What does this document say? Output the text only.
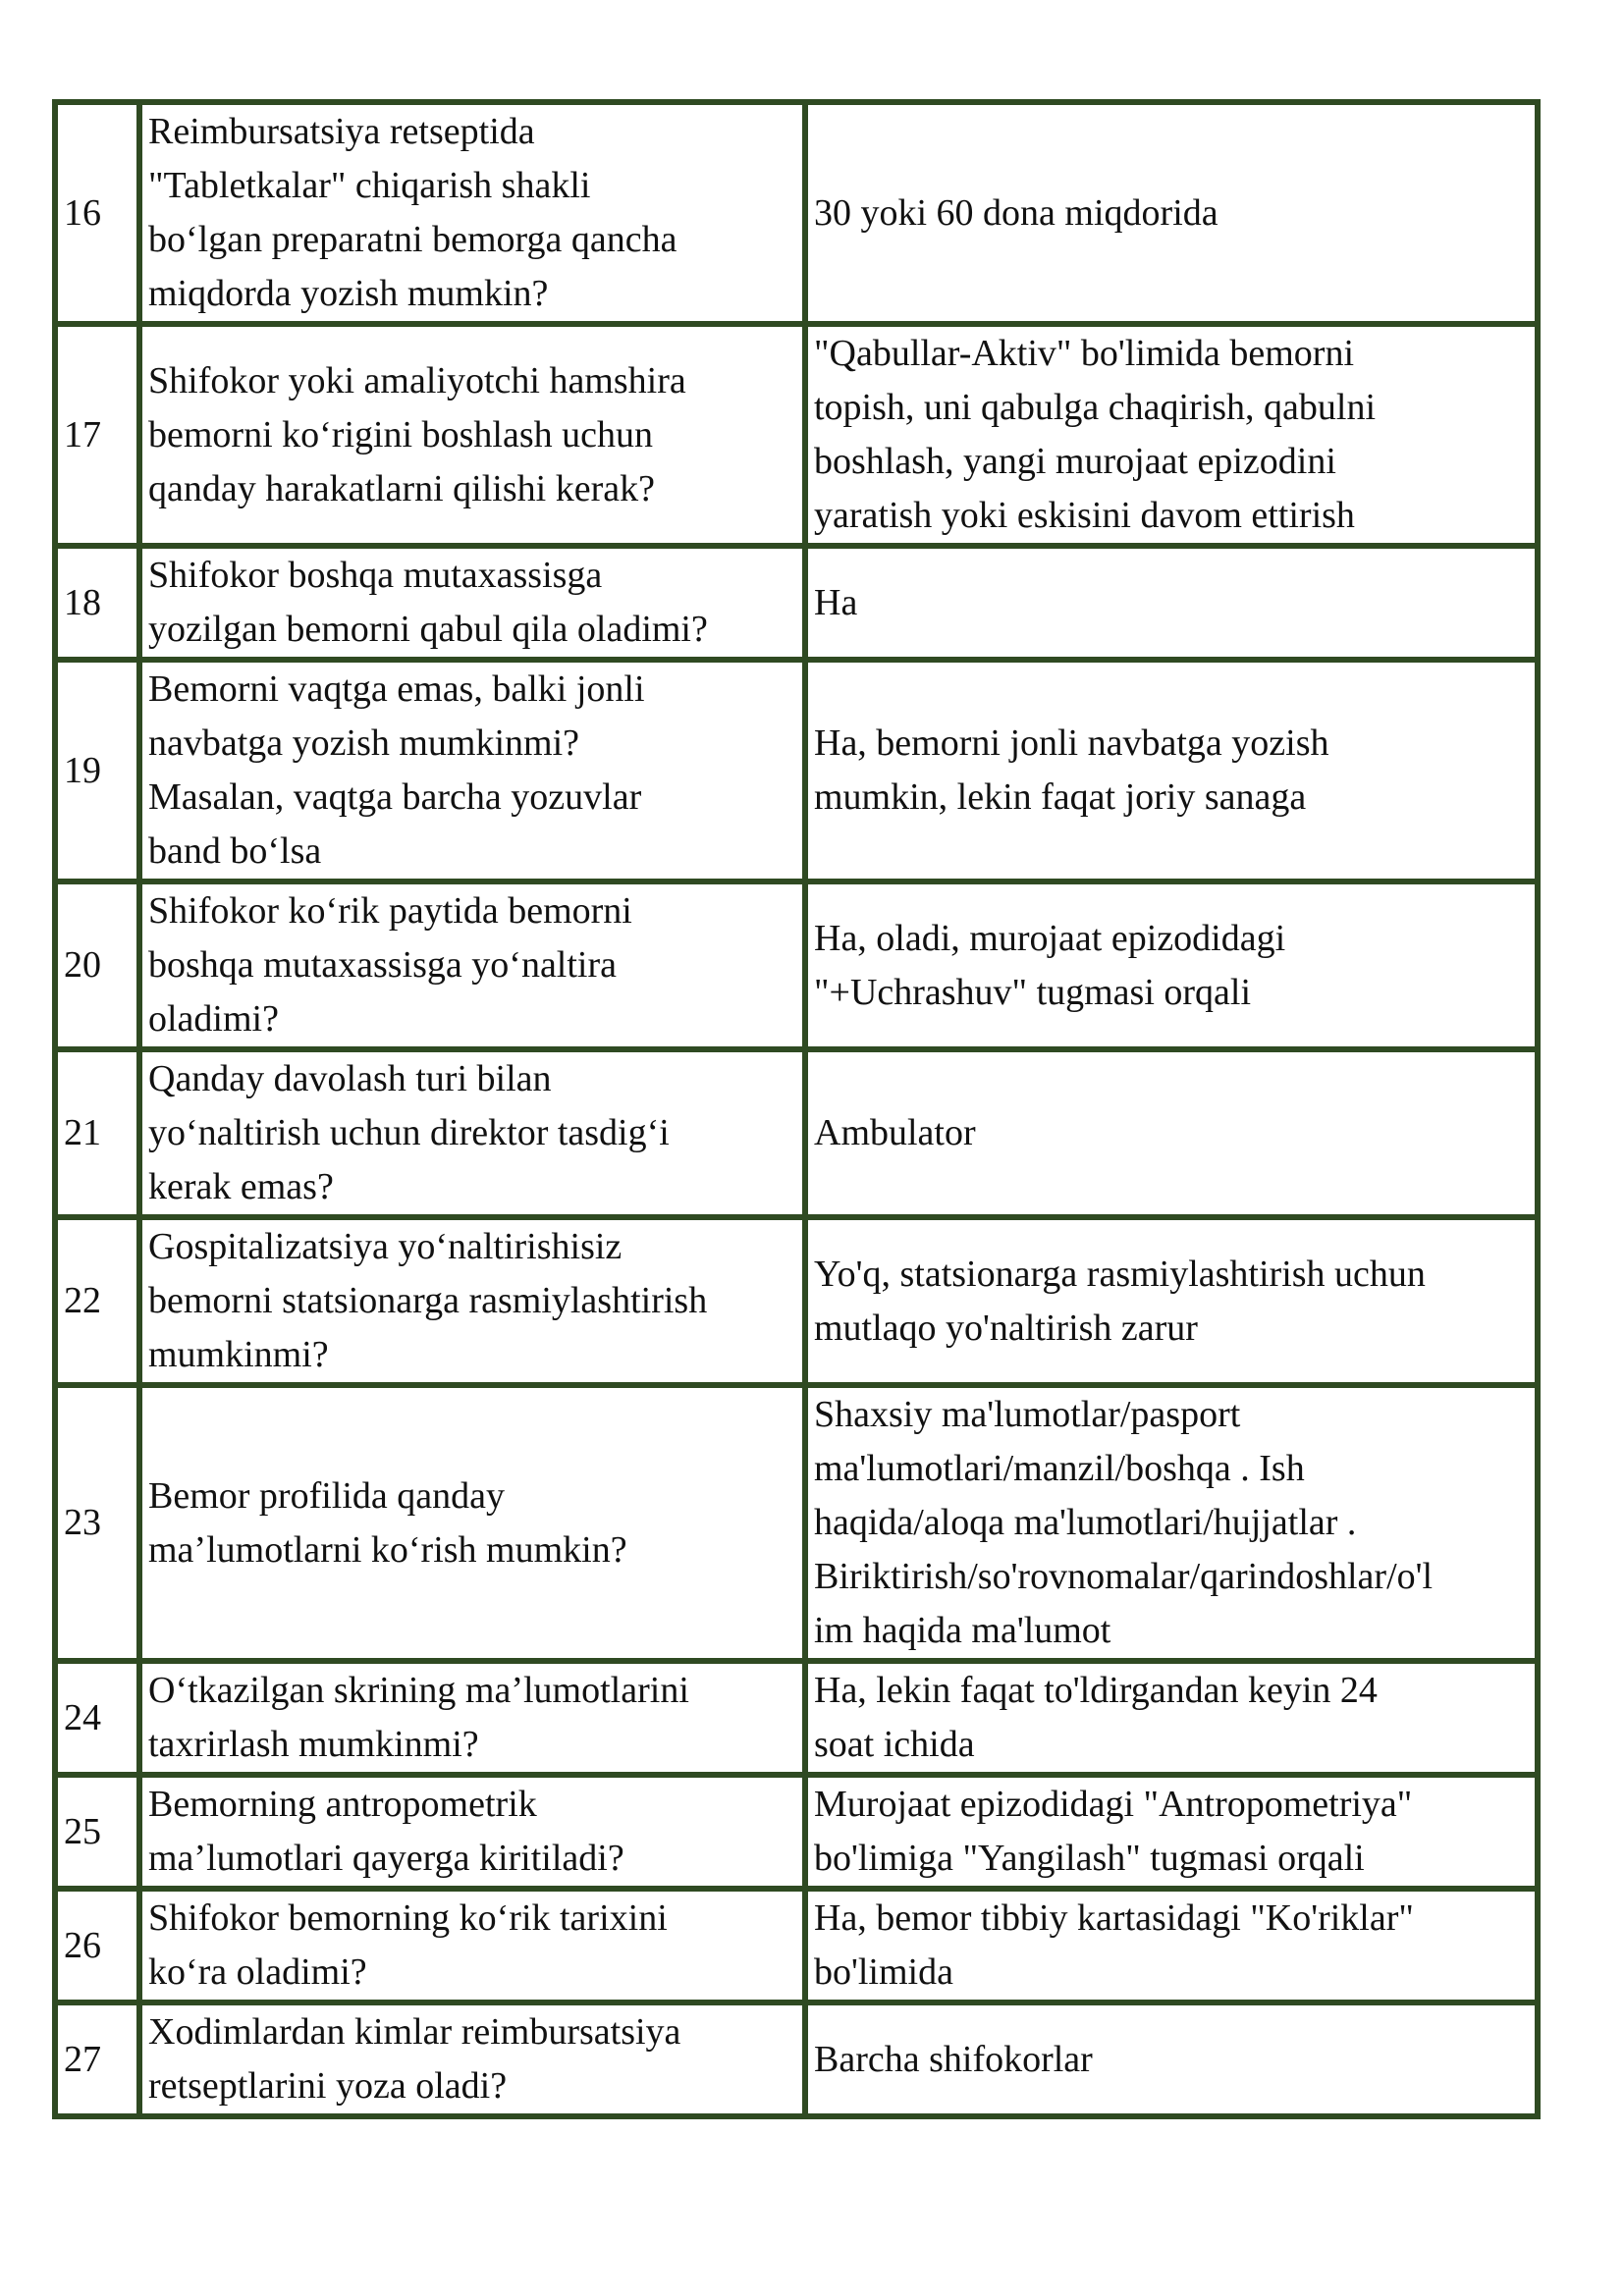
16	Reimbursatsiya retseptida
"Tabletkalar" chiqarish shakli
bo‘lgan preparatni bemorga qancha
miqdorda yozish mumkin?	30 yoki 60 dona miqdorida

17	Shifokor yoki amaliyotchi hamshira
bemorni ko‘rigini boshlash uchun
qanday harakatlarni qilishi kerak?	"Qabullar-Aktiv" bo'limida bemorni
topish, uni qabulga chaqirish, qabulni
boshlash, yangi murojaat epizodini
yaratish yoki eskisini davom ettirish

18	Shifokor boshqa mutaxassisga
yozilgan bemorni qabul qila oladimi?	Ha

19	Bemorni vaqtga emas, balki jonli
navbatga yozish mumkinmi?
Masalan, vaqtga barcha yozuvlar
band bo‘lsa	Ha, bemorni jonli navbatga yozish
mumkin, lekin faqat joriy sanaga

20	Shifokor ko‘rik paytida bemorni
boshqa mutaxassisga yo‘naltira
oladimi?	Ha, oladi, murojaat epizodidagi
"+Uchrashuv" tugmasi orqali

21	Qanday davolash turi bilan
yo‘naltirish uchun direktor tasdig‘i
kerak emas?	Ambulator

22	Gospitalizatsiya yo‘naltirishisiz
bemorni statsionarga rasmiylashtirish
mumkinmi?	Yo'q, statsionarga rasmiylashtirish uchun
mutlaqo yo'naltirish zarur

23	Bemor profilida qanday
ma’lumotlarni ko‘rish mumkin?	Shaxsiy ma'lumotlar/pasport
ma'lumotlari/manzil/boshqa . Ish
haqida/aloqa ma'lumotlari/hujjatlar .
Biriktirish/so'rovnomalar/qarindoshlar/o'l
im haqida ma'lumot

24	O‘tkazilgan skrining ma’lumotlarini
taxrirlash mumkinmi?	Ha, lekin faqat to'ldirgandan keyin 24
soat ichida

25	Bemorning antropometrik
ma’lumotlari qayerga kiritiladi?	Murojaat epizodidagi "Antropometriya"
bo'limiga "Yangilash" tugmasi orqali

26	Shifokor bemorning ko‘rik tarixini
ko‘ra oladimi?	Ha, bemor tibbiy kartasidagi "Ko'riklar"
bo'limida

27	Xodimlardan kimlar reimbursatsiya
retseptlarini yoza oladi?	Barcha shifokorlar
